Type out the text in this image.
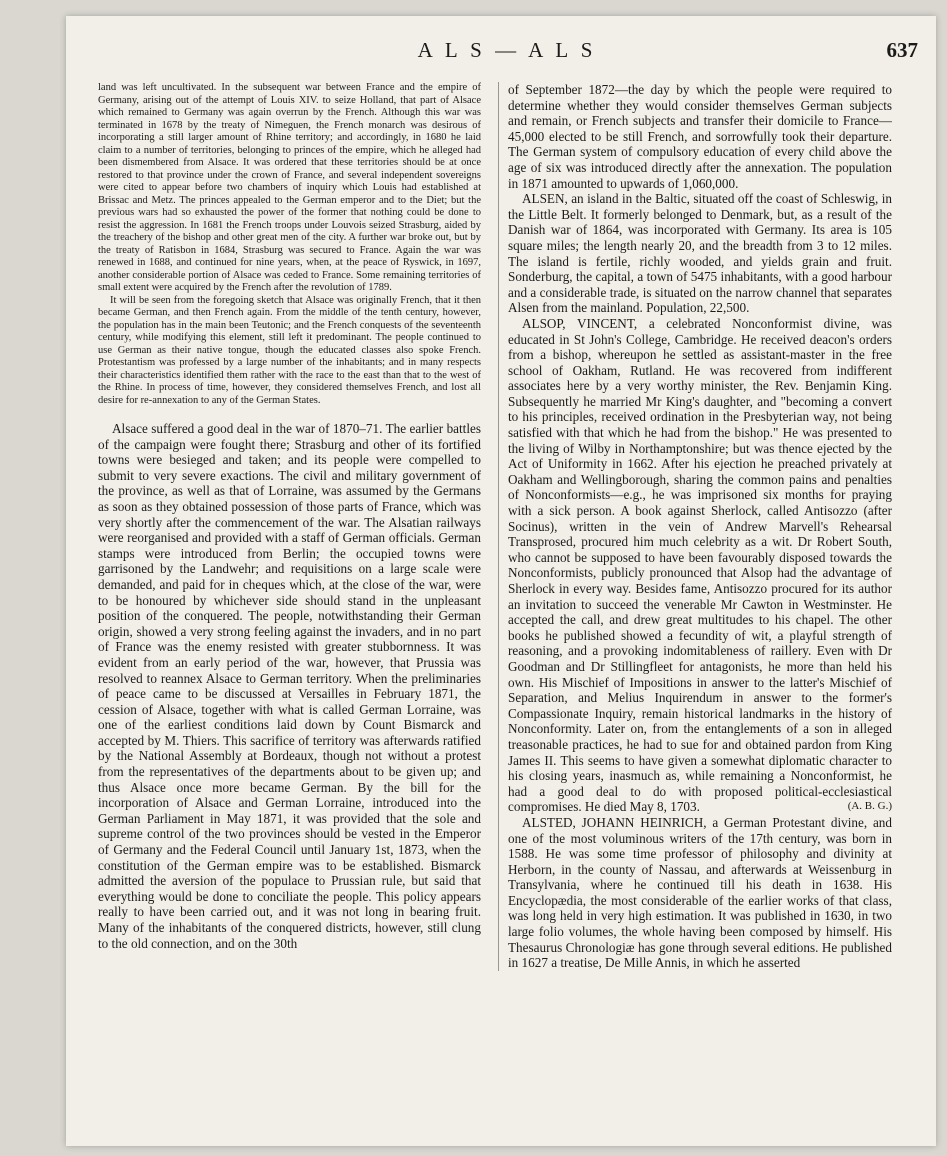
A L S — A L S	637

land was left uncultivated. In the subsequent war between France and the empire of Germany, arising out of the attempt of Louis XIV. to seize Holland, that part of Alsace which remained to Germany was again overrun by the French. Although this war was terminated in 1678 by the treaty of Nimeguen, the French monarch was desirous of incorporating a still larger amount of Rhine territory; and accordingly, in 1680 he laid claim to a number of territories, belonging to princes of the empire, which he alleged had been dismembered from Alsace. It was ordered that these territories should be at once restored to that province under the crown of France, and several independent sovereigns were cited to appear before two chambers of inquiry which Louis had established at Brissac and Metz. The princes appealed to the German emperor and to the Diet; but the previous wars had so exhausted the power of the former that nothing could be done to resist the aggression. In 1681 the French troops under Louvois seized Strasburg, aided by the treachery of the bishop and other great men of the city. A further war broke out, but by the treaty of Ratisbon in 1684, Strasburg was secured to France. Again the war was renewed in 1688, and continued for nine years, when, at the peace of Ryswick, in 1697, another considerable portion of Alsace was ceded to France. Some remaining territories of small extent were acquired by the French after the revolution of 1789.

It will be seen from the foregoing sketch that Alsace was originally French, that it then became German, and then French again. From the middle of the tenth century, however, the population has in the main been Teutonic; and the French conquests of the seventeenth century, while modifying this element, still left it predominant. The people continued to use German as their native tongue, though the educated classes also spoke French. Protestantism was professed by a large number of the inhabitants; and in many respects their characteristics identified them rather with the race to the east than that to the west of the Rhine. In process of time, however, they considered themselves French, and lost all desire for re-annexation to any of the German States.

Alsace suffered a good deal in the war of 1870–71. The earlier battles of the campaign were fought there; Strasburg and other of its fortified towns were besieged and taken; and its people were compelled to submit to very severe exactions. The civil and military government of the province, as well as that of Lorraine, was assumed by the Germans as soon as they obtained possession of those parts of France, which was very shortly after the commencement of the war. The Alsatian railways were reorganised and provided with a staff of German officials. German stamps were introduced from Berlin; the occupied towns were garrisoned by the Landwehr; and requisitions on a large scale were demanded, and paid for in cheques which, at the close of the war, were to be honoured by whichever side should stand in the unpleasant position of the conquered. The people, notwithstanding their German origin, showed a very strong feeling against the invaders, and in no part of France was the enemy resisted with greater stubbornness. It was evident from an early period of the war, however, that Prussia was resolved to reannex Alsace to German territory. When the preliminaries of peace came to be discussed at Versailles in February 1871, the cession of Alsace, together with what is called German Lorraine, was one of the earliest conditions laid down by Count Bismarck and accepted by M. Thiers. This sacrifice of territory was afterwards ratified by the National Assembly at Bordeaux, though not without a protest from the representatives of the departments about to be given up; and thus Alsace once more became German. By the bill for the incorporation of Alsace and German Lorraine, introduced into the German Parliament in May 1871, it was provided that the sole and supreme control of the two provinces should be vested in the Emperor of Germany and the Federal Council until January 1st, 1873, when the constitution of the German empire was to be established. Bismarck admitted the aversion of the populace to Prussian rule, but said that everything would be done to conciliate the people. This policy appears really to have been carried out, and it was not long in bearing fruit. Many of the inhabitants of the conquered districts, however, still clung to the old connection, and on the 30th

of September 1872—the day by which the people were required to determine whether they would consider themselves German subjects and remain, or French subjects and transfer their domicile to France—45,000 elected to be still French, and sorrowfully took their departure. The German system of compulsory education of every child above the age of six was introduced directly after the annexation. The population in 1871 amounted to upwards of 1,060,000.

ALSEN, an island in the Baltic, situated off the coast of Schleswig, in the Little Belt. It formerly belonged to Denmark, but, as a result of the Danish war of 1864, was incorporated with Germany. Its area is 105 square miles; the length nearly 20, and the breadth from 3 to 12 miles. The island is fertile, richly wooded, and yields grain and fruit. Sonderburg, the capital, a town of 5475 inhabitants, with a good harbour and a considerable trade, is situated on the narrow channel that separates Alsen from the mainland. Population, 22,500.

ALSOP, VINCENT, a celebrated Nonconformist divine, was educated in St John's College, Cambridge. He received deacon's orders from a bishop, whereupon he settled as assistant-master in the free school of Oakham, Rutland. He was recovered from indifferent associates here by a very worthy minister, the Rev. Benjamin King. Subsequently he married Mr King's daughter, and "becoming a convert to his principles, received ordination in the Presbyterian way, not being satisfied with that which he had from the bishop." He was presented to the living of Wilby in Northamptonshire; but was thence ejected by the Act of Uniformity in 1662. After his ejection he preached privately at Oakham and Wellingborough, sharing the common pains and penalties of Nonconformists—e.g., he was imprisoned six months for praying with a sick person. A book against Sherlock, called Antisozzo (after Socinus), written in the vein of Andrew Marvell's Rehearsal Transprosed, procured him much celebrity as a wit. Dr Robert South, who cannot be supposed to have been favourably disposed towards the Nonconformists, publicly pronounced that Alsop had the advantage of Sherlock in every way. Besides fame, Antisozzo procured for its author an invitation to succeed the venerable Mr Cawton in Westminster. He accepted the call, and drew great multitudes to his chapel. The other books he published showed a fecundity of wit, a playful strength of reasoning, and a provoking indomitableness of raillery. Even with Dr Goodman and Dr Stillingfleet for antagonists, he more than held his own. His Mischief of Impositions in answer to the latter's Mischief of Separation, and Melius Inquirendum in answer to the former's Compassionate Inquiry, remain historical landmarks in the history of Nonconformity. Later on, from the entanglements of a son in alleged treasonable practices, he had to sue for and obtained pardon from King James II. This seems to have given a somewhat diplomatic character to his closing years, inasmuch as, while remaining a Nonconformist, he had a good deal to do with proposed political-ecclesiastical compromises. He died May 8, 1703.	(A. B. G.)

ALSTED, JOHANN HEINRICH, a German Protestant divine, and one of the most voluminous writers of the 17th century, was born in 1588. He was some time professor of philosophy and divinity at Herborn, in the county of Nassau, and afterwards at Weissenburg in Transylvania, where he continued till his death in 1638. His Encyclopædia, the most considerable of the earlier works of that class, was long held in very high estimation. It was published in 1630, in two large folio volumes, the whole having been composed by himself. His Thesaurus Chronologiæ has gone through several editions. He published in 1627 a treatise, De Mille Annis, in which he asserted
